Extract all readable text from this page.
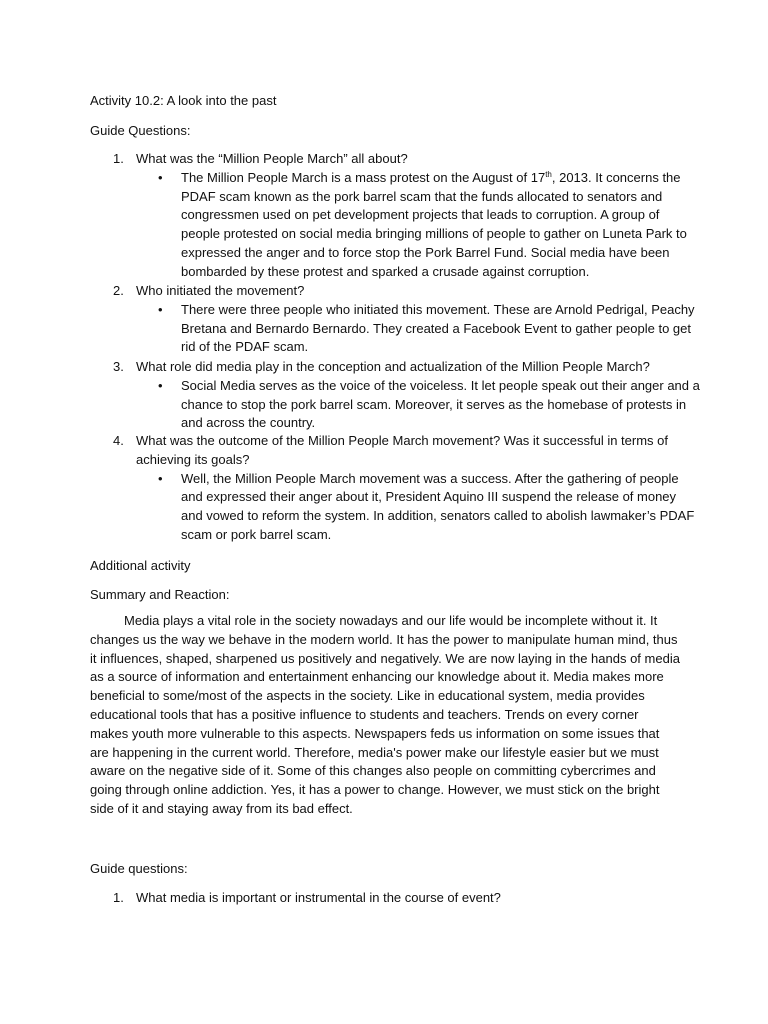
Activity 10.2: A look into the past
Guide Questions:
1. What was the “Million People March” all about?
• The Million People March is a mass protest on the August of 17th, 2013. It concerns the PDAF scam known as the pork barrel scam that the funds allocated to senators and congressmen used on pet development projects that leads to corruption. A group of people protested on social media bringing millions of people to gather on Luneta Park to expressed the anger and to force stop the Pork Barrel Fund. Social media have been bombarded by these protest and sparked a crusade against corruption.
2. Who initiated the movement?
• There were three people who initiated this movement. These are Arnold Pedrigal, Peachy Bretana and Bernardo Bernardo. They created a Facebook Event to gather people to get rid of the PDAF scam.
3. What role did media play in the conception and actualization of the Million People March?
• Social Media serves as the voice of the voiceless. It let people speak out their anger and a chance to stop the pork barrel scam. Moreover, it serves as the homebase of protests in and across the country.
4. What was the outcome of the Million People March movement? Was it successful in terms of achieving its goals?
• Well, the Million People March movement was a success. After the gathering of people and expressed their anger about it, President Aquino III suspend the release of money and vowed to reform the system. In addition, senators called to abolish lawmaker’s PDAF scam or pork barrel scam.
Additional activity
Summary and Reaction:
Media plays a vital role in the society nowadays and our life would be incomplete without it. It changes us the way we behave in the modern world. It has the power to manipulate human mind, thus it influences, shaped, sharpened us positively and negatively. We are now laying in the hands of media as a source of information and entertainment enhancing our knowledge about it. Media makes more beneficial to some/most of the aspects in the society. Like in educational system, media provides educational tools that has a positive influence to students and teachers. Trends on every corner makes youth more vulnerable to this aspects. Newspapers feds us information on some issues that are happening in the current world. Therefore, media's power make our lifestyle easier but we must aware on the negative side of it. Some of this changes also people on committing cybercrimes and going through online addiction. Yes, it has a power to change. However, we must stick on the bright side of it and staying away from its bad effect.
Guide questions:
1. What media is important or instrumental in the course of event?
